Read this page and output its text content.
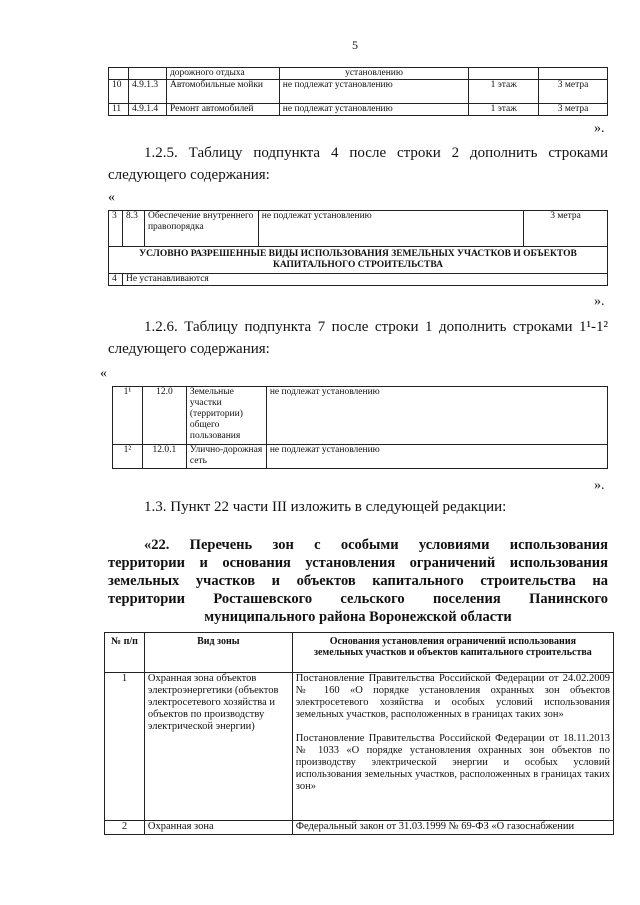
5
		дорожного отдыха	установлению		
10	4.9.1.3	Автомобильные мойки	не подлежат установлению	1 этаж	3 метра
11	4.9.1.4	Ремонт автомобилей	не подлежат установлению	1 этаж	3 метра
».
1.2.5. Таблицу подпункта 4 после строки 2 дополнить строками следующего содержания:
«
3	8.3	Обеспечение внутреннего правопорядка	не подлежат установлению	3 метра
УСЛОВНО РАЗРЕШЕННЫЕ ВИДЫ ИСПОЛЬЗОВАНИЯ ЗЕМЕЛЬНЫХ УЧАСТКОВ И ОБЪЕКТОВ КАПИТАЛЬНОГО СТРОИТЕЛЬСТВА				
4	Не устанавливаются			
».
1.2.6. Таблицу подпункта 7 после строки 1 дополнить строками 1¹-1² следующего содержания:
«
1¹	12.0	Земельные участки (территории) общего пользования	не подлежат установлению
1²	12.0.1	Улично-дорожная сеть	не подлежат установлению
».
1.3. Пункт 22 части III изложить в следующей редакции:
«22. Перечень зон с особыми условиями использования
территории и основания установления ограничений использования
земельных участков и объектов капитального строительства на
территории Росташевского сельского поселения Панинского
муниципального района Воронежской области
№ п/п	Вид зоны	Основания установления ограничений использования земельных участков и объектов капитального строительства
1	Охранная зона объектов электроэнергетики (объектов электросетевого хозяйства и объектов по производству электрической энергии)	Постановление Правительства Российской Федерации от 24.02.2009 № 160 «О порядке установления охранных зон объектов электросетевого хозяйства и особых условий использования земельных участков, расположенных в границах таких зон»
Постановление Правительства Российской Федерации от 18.11.2013 № 1033 «О порядке установления охранных зон объектов по производству электрической энергии и особых условий использования земельных участков, расположенных в границах таких зон»

2	Охранная зона	Федеральный закон от 31.03.1999 № 69-ФЗ «О газоснабжении
